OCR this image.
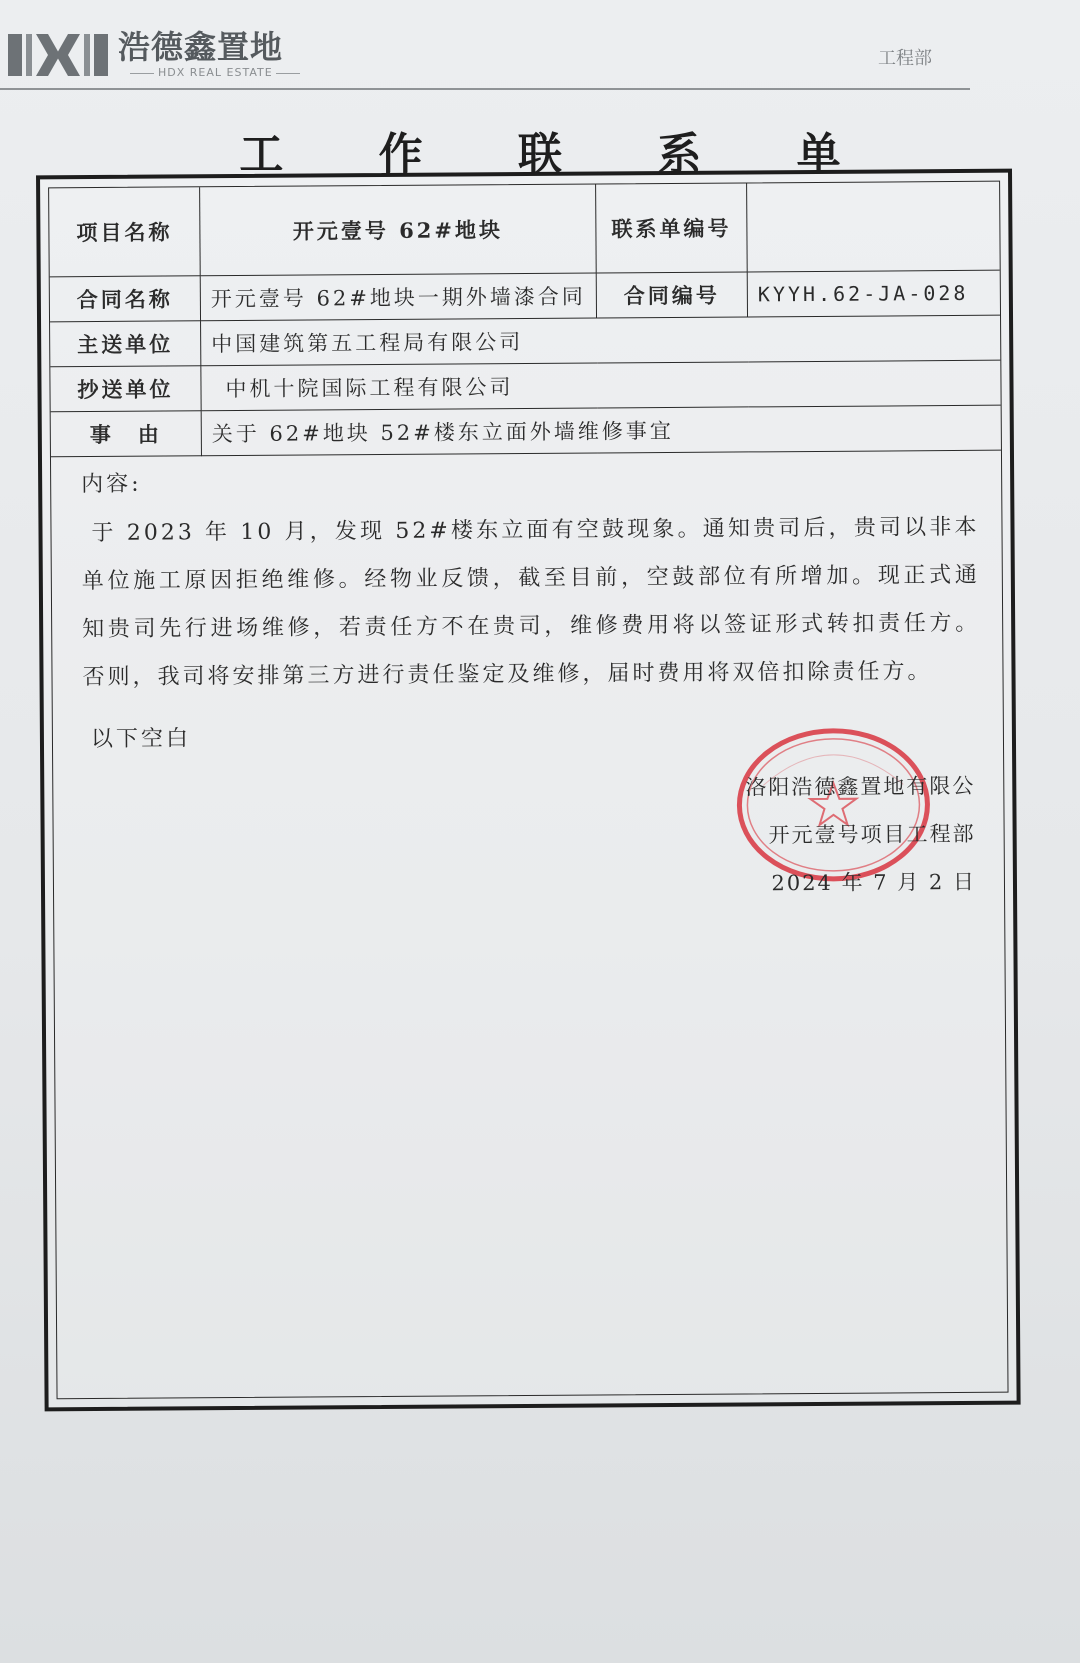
浩德鑫置地
HDX REAL ESTATE
工程部
工 作 联 系 单
项目名称	开元壹号 62#地块	联系单编号	
合同名称	开元壹号 62#地块一期外墙漆合同	合同编号	KYYH.62-JA-028
主送单位	中国建筑第五工程局有限公司		
抄送单位	中机十院国际工程有限公司		
事　由	关于 62#地块 52#楼东立面外墙维修事宜		
内容:
于 2023 年 10 月，发现 52#楼东立面有空鼓现象。通知贵司后，贵司以非本单位施工原因拒绝维修。经物业反馈，截至目前，空鼓部位有所增加。现正式通知贵司先行进场维修，若责任方不在贵司，维修费用将以签证形式转扣责任方。否则，我司将安排第三方进行责任鉴定及维修，届时费用将双倍扣除责任方。
以下空白
洛阳浩德鑫置地有限公
开元壹号项目工程部
2024 年 7 月 2 日
